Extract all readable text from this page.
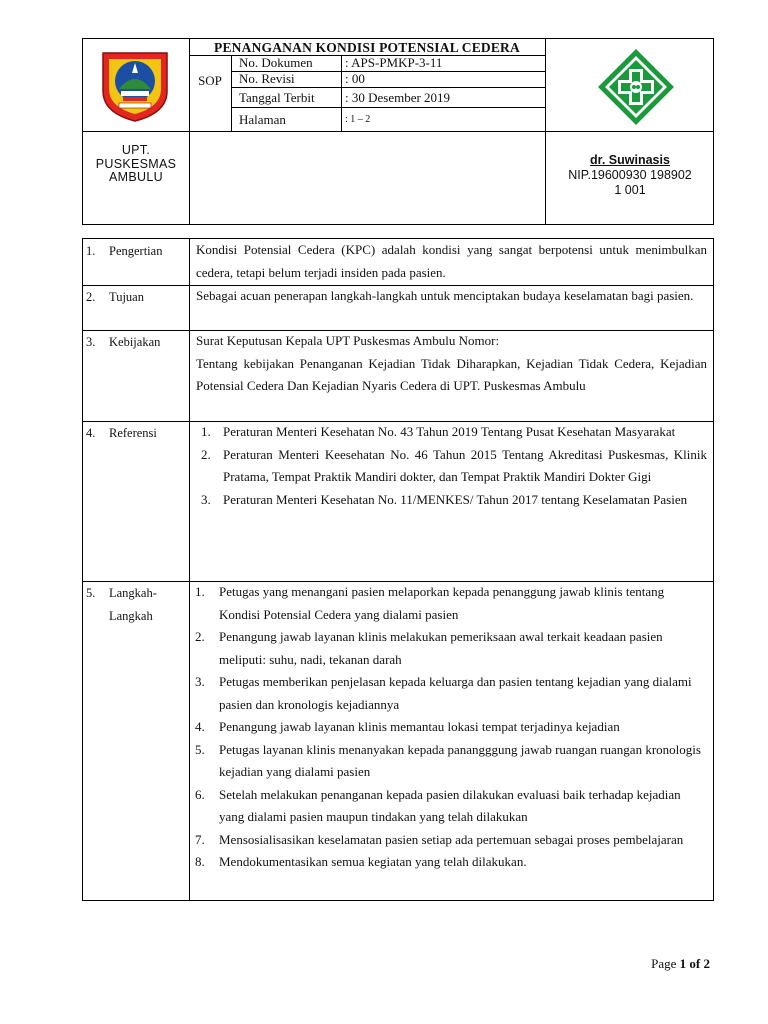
PENANGANAN KONDISI POTENSIAL CEDERA
SOP
No. Dokumen : APS-PMKP-3-11
No. Revisi	: 00
Tanggal Terbit : 30 Desember 2019
Halaman	: 1 – 2
UPT.
PUSKESMAS
AMBULU
dr. Suwinasis
NIP.19600930 198902
1 001
1. Pengertian	Kondisi Potensial Cedera (KPC) adalah kondisi yang sangat berpotensi untuk menimbulkan cedera, tetapi belum terjadi insiden pada pasien.
2. Tujuan	Sebagai acuan penerapan langkah-langkah untuk menciptakan budaya keselamatan bagi pasien.
3. Kebijakan	Surat Keputusan Kepala UPT Puskesmas Ambulu Nomor:
Tentang kebijakan Penanganan Kejadian Tidak Diharapkan, Kejadian Tidak Cedera, Kejadian Potensial Cedera Dan Kejadian Nyaris Cedera di UPT. Puskesmas Ambulu
4. Referensi	1. Peraturan Menteri Kesehatan No. 43 Tahun 2019 Tentang Pusat Kesehatan Masyarakat
2. Peraturan Menteri Keesehatan No. 46 Tahun 2015 Tentang Akreditasi Puskesmas, Klinik Pratama, Tempat Praktik Mandiri dokter, dan Tempat Praktik Mandiri Dokter Gigi
3. Peraturan Menteri Kesehatan No. 11/MENKES/ Tahun 2017 tentang Keselamatan Pasien
5. Langkah-
Langkah
1. Petugas yang menangani pasien melaporkan kepada penanggung jawab klinis tentang Kondisi Potensial Cedera yang dialami pasien
2. Penangung jawab layanan klinis melakukan pemeriksaan awal terkait keadaan pasien meliputi: suhu, nadi, tekanan darah
3. Petugas memberikan penjelasan kepada keluarga dan pasien tentang kejadian yang dialami pasien dan kronologis kejadiannya
4. Penangung jawab layanan klinis memantau lokasi tempat terjadinya kejadian
5. Petugas layanan klinis menanyakan kepada panangggung jawab ruangan ruangan kronologis kejadian yang dialami pasien
6. Setelah melakukan penanganan kepada pasien dilakukan evaluasi baik terhadap kejadian yang dialami pasien maupun tindakan yang telah dilakukan
7. Mensosialisasikan keselamatan pasien setiap ada pertemuan sebagai proses pembelajaran
8. Mendokumentasikan semua kegiatan yang telah dilakukan.
Page 1 of 2
